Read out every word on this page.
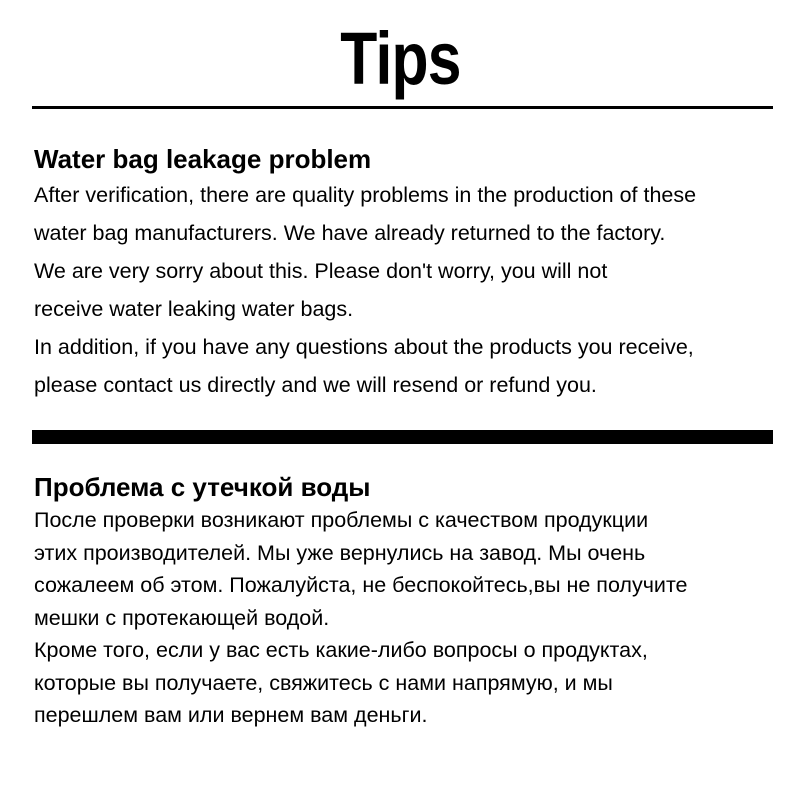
Tips

Water bag leakage problem

After verification, there are quality problems in the production of these

water bag manufacturers. We have already returned to the factory.

We are very sorry about this. Please don't worry, you will not

receive water leaking water bags.

In addition, if you have any questions about the products you receive,

please contact us directly and we will resend or refund you.

Проблема с утечкой воды

После проверки возникают проблемы с качеством продукции

этих производителей. Мы уже вернулись на завод. Мы очень

сожалеем об этом. Пожалуйста, не беспокойтесь,вы не получите

мешки с протекающей водой.

Кроме того, если у вас есть какие-либо вопросы о продуктах,

которые вы получаете, свяжитесь с нами напрямую, и мы

перешлем вам или вернем вам деньги.
